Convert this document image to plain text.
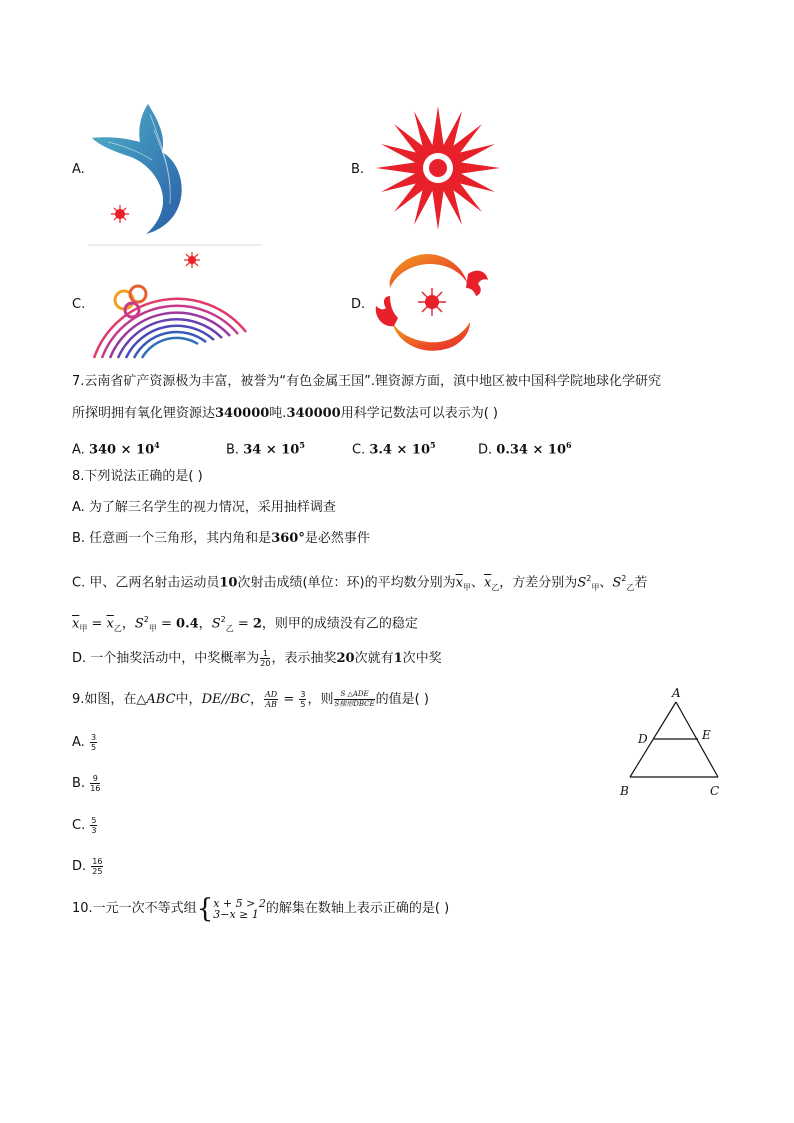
A.	B.
C.	D.
7.云南省矿产资源极为丰富，被誉为“有色金属王国”.锂资源方面，滇中地区被中国科学院地球化学研究
所探明拥有氧化锂资源达340000吨.340000用科学记数法可以表示为( )
A. $340 \times 10^4$	B. $34 \times 10^5$	C. $3.4 \times 10^5$	D. $0.34 \times 10^6$
8.下列说法正确的是( )
A. 为了解三名学生的视力情况，采用抽样调查
B. 任意画一个三角形，其内角和是360°是必然事件
C. 甲、乙两名射击运动员10次射击成绩(单位：环)的平均数分别为$\overline{x}_甲$、$\overline{x}_乙$，方差分别为$S^2_甲$、$S^2_乙$若
$\overline{x}_甲 = \overline{x}_乙$，$S^2_甲 = 0.4$，$S^2_乙 = 2$，则甲的成绩没有乙的稳定
D. 一个抽奖活动中，中奖概率为 $\frac{1}{20}$ ，表示抽奖20次就有1次中奖
9.如图，在△ABC中，DE//BC， $\frac{AD}{AB} = \frac{3}{5}$ ，则 $\frac{\text{S △ADE}}{\text{S梯形DBCE}}$ 的值是( )
A. $\frac{3}{5}$
B. $\frac{9}{16}$
C. $\frac{5}{3}$
D. $\frac{16}{25}$
A
D	E
B	C
10.一元一次不等式组{ x + 5 > 2
3−x ≥ 1 的解集在数轴上表示正确的是( )
